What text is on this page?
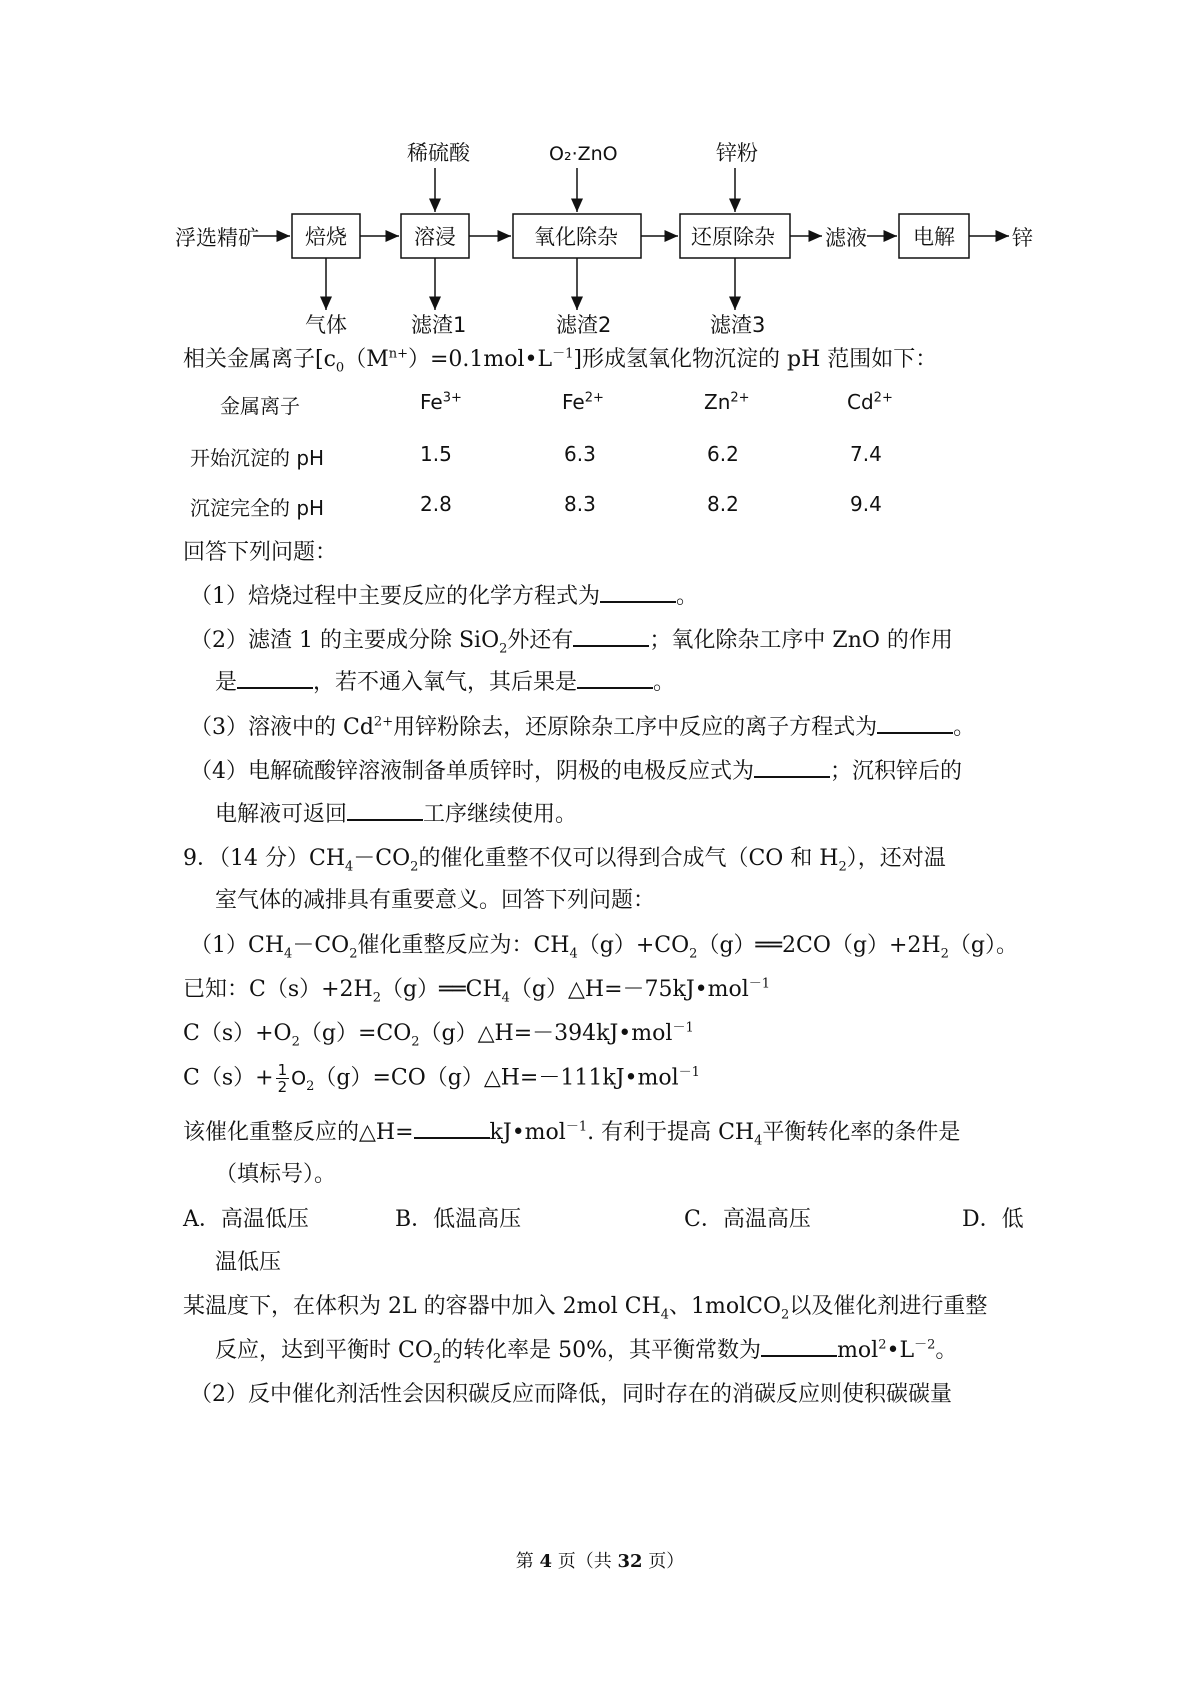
浮选精矿
稀硫酸	O₂·ZnO	锌粉
滤液	锌
气体	滤渣1	滤渣2	滤渣3
焙烧	溶浸	氧化除杂	还原除杂	电解
相关金属离子$[c_0(M^{n+})=0.1mol•L^{-1}]$形成氢氧化物沉淀的 pH 范围如下：
金属离子	$Fe^{3+}$	$Fe^{2+}$	$Zn^{2+}$	$Cd^{2+}$
开始沉淀的 pH	1.5	6.3	6.2	7.4
沉淀完全的 pH	2.8	8.3	8.2	9.4
回答下列问题：
（1）焙烧过程中主要反应的化学方程式为	。
（2）滤渣 1 的主要成分除 SiO$_2$外还有	；氧化除杂工序中 ZnO 的作用
是	，若不通入氧气，其后果是	。
（3）溶液中的 $Cd^{2+}$用锌粉除去，还原除杂工序中反应的离子方程式为	。
（4）电解硫酸锌溶液制备单质锌时，阴极的电极反应式为	；沉积锌后的
电解液可返回	工序继续使用。
9．（14 分）$CH_4-CO_2$的催化重整不仅可以得到合成气（CO 和 $H_2$），还对温
室气体的减排具有重要意义。回答下列问题：
$(1)CH_4-CO_2$催化重整反应为：$CH_4(g)+CO_2(g)══2CO(g)+2H_2(g)$。
已知：$C(s)+2H_2(g)══CH_4(g)\triangle H=-75kJ•mol^{-1}$
$C(s)+O_2(g)=CO_2(g)\triangle H=-394kJ•mol^{-1}$
$C(s)+ \frac{1}{2}$ $O_2(g)=CO(g)\triangle H=-111kJ•mol^{-1}$
该催化重整反应的△H=	kJ•mol$^{-1}$. 有利于提高 $CH_4$平衡转化率的条件是
（填标号）。
A．高温低压	B．低温高压	C．高温高压	D．低
温低压
某温度下，在体积为 2L 的容器中加入 2mol $CH_4$、1molCO$_2$以及催化剂进行重整
反应，达到平衡时 $CO_2$的转化率是 50%，其平衡常数为	$mol^2•L^{-2}$。
（2）反中催化剂活性会因积碳反应而降低，同时存在的消碳反应则使积碳碳量
第 4 页（共 32 页）
